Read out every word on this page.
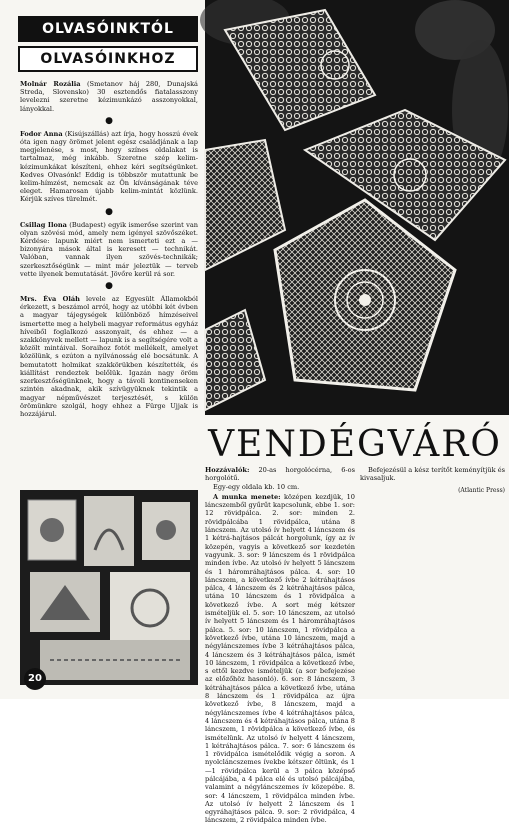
OLVASÓINKTÓL
OLVASÓINKHOZ

Molnár Rozália (Smetanov háj 280, Dunajská Streda, Slovensko) 30 esztendős fiatalasszony levelezni szeretne kézimunkázó asszonyokkal, lányokkal.

●

Fodor Anna (Kisújszállás) azt írja, hogy hosszú évek óta igen nagy örömet jelent egész családjának a lap megjelenése, s most, hogy színes oldalakat is tartalmaz, még inkább. Szeretne szép kelim-kézimunkákat készíteni, ehhez kéri segítségünket. Kedves Olvasónk! Eddig is többször mutattunk be kelim-hímzést, nemcsak az Ön kívánságának téve eleget. Hamarosan újabb kelim-mintát közlünk. Kérjük szíves türelmét.

●

Csillag Ilona (Budapest) egyik ismerőse szerint van olyan szövési mód, amely nem igényel szövőszéket. Kérdése: lapunk miért nem ismerteti ezt a — bizonyára mások által is keresett — technikát. Valóban, vannak ilyen szövés-technikák; szerkesztőségünk — mint már jeleztük — terveb vette ilyenek bemutatását. Jövőre kerül rá sor.

●

Mrs. Éva Oláh levele az Egyesült Államokból érkezett, s beszámol arról, hogy az utóbbi két évben a magyar tájegységek különböző hímzéseivel ismertette meg a helybeli magyar református egyház híveiből foglalkozó asszonyait, és ehhez — a szakkönyvek mellett — lapunk is a segítségére volt a közölt mintáival. Soraihoz fotót mellékelt, amelyet közölünk, s ezúton a nyilvánosság elé bocsátunk. A bemutatott holmikat szakkörükben készítették, és kiállítást rendeztek belőlük. Igazán nagy öröm szerkesztőségünknek, hogy a távoli kontinenseken szintén akadnak, akik szívügyüknek tekintik a magyar népművészet terjesztését, s külön örömünkre szolgál, hogy ehhez a Fürge Ujjak is hozzájárul.

VENDÉGVÁRÓ

Hozzávalók: 20-as horgolócérna, 6-os horgolótű.

Egy-egy oldala kb. 10 cm.

A munka menete: középen kezdjük, 10 láncszemből gyűrűt kapcsolunk, ebbe 1. sor: 12 rövidpálca. 2. sor: minden 2. rövidpálcába 1 rövidpálca, utána 8 láncszem. Az utolsó ív helyett 4 láncszem és 1 kétrá-hajtásos pálcát horgolunk, így az ív közepén, vagyis a következő sor kezdetén vagyunk. 3. sor: 9 láncszem és 1 rövidpálca minden ívbe. Az utolsó ív helyett 5 láncszem és 1 háromráhajtásos pálca. 4. sor: 10 láncszem, a következő ívbe 2 kétráhajtásos pálca, 4 láncszem és 2 kétráhajtásos pálca, utána 10 láncszem és 1 rövidpálca a következő ívbe. A sort még kétszer ismételjük el. 5. sor: 10 láncszem, az utolsó ív helyett 5 láncszem és 1 háromráhajtásos pálca. 5. sor: 10 láncszem, 1 rövidpálca a következő ívbe, utána 10 láncszem, majd a négyláncszemes ívbe 3 kétráhajtásos pálca, 4 láncszem és 3 kétráhajtásos pálca, ismét 10 láncszem, 1 rövidpálca a következő ívbe, s ettől kezdve ismételjük (a sor befejezése az előzőhöz hasonló). 6. sor: 8 láncszem, 3 kétráhajtásos pálca a következő ívbe, utána 8 láncszem és 1 rövidpálca az újra következő ívbe, 8 láncszem, majd a négyláncszemes ívbe 4 kétráhajtásos pálca, 4 láncszem és 4 kétráhajtásos pálca, utána 8 láncszem, 1 rövidpálca a következő ívbe, és ismételünk. Az utolsó ív helyett 4 láncszem, 1 kétráhajtásos pálca. 7. sor: 6 láncszem és 1 rövidpálca ismételődik végig a soron. A nyolcláncszemes ívekbe kétszer öltünk, és 1—1 rövidpálca kerül a 3 pálca középső pálcájába, a 4 pálca elé és utolsó pálcájába, valamint a négyláncszemes ív közepébe. 8. sor: 4 láncszem, 1 rövidpálca minden ívbe. Az utolsó ív helyett 2 láncszem és 1 egyráhajtásos pálca. 9. sor: 2 rövidpálca, 4 láncszem, 2 rövidpálca minden ívbe.

Befejezésül a kész terítőt keményítjük és kivasaljuk.

(Atlantic Press)
20
